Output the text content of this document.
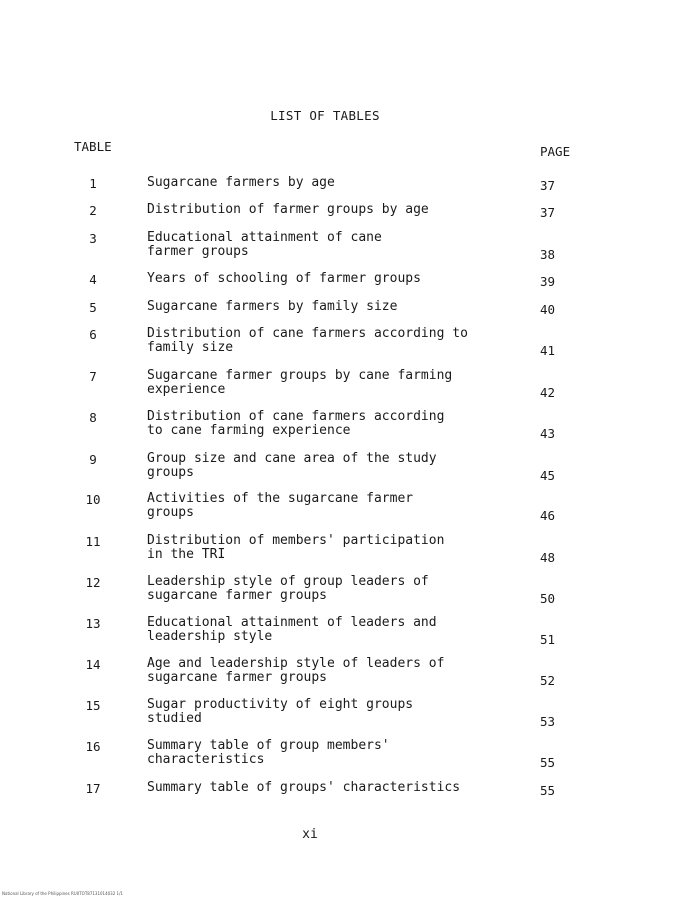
LIST OF TABLES
TABLE	PAGE
1	Sugarcane farmers by age	37
2	Distribution of farmer groups by age	37
3	Educational attainment of cane
farmer groups	38
4	Years of schooling of farmer groups	39
5	Sugarcane farmers by family size	40
6	Distribution of cane farmers according to
family size	41
7	Sugarcane farmer groups by cane farming
experience	42
8	Distribution of cane farmers according
to cane farming experience	43
9	Group size and cane area of the study
groups	45
10	Activities of the sugarcane farmer
groups	46
11	Distribution of members' participation
in the TRI	48
12	Leadership style of group leaders of
sugarcane farmer groups	50
13	Educational attainment of leaders and
leadership style	51
14	Age and leadership style of leaders of
sugarcane farmer groups	52
15	Sugar productivity of eight groups
studied	53
16	Summary table of group members'
characteristics	55
17	Summary table of groups' characteristics	55
xi
National Library of the Philippines RU0TOT87131014032 1/1
